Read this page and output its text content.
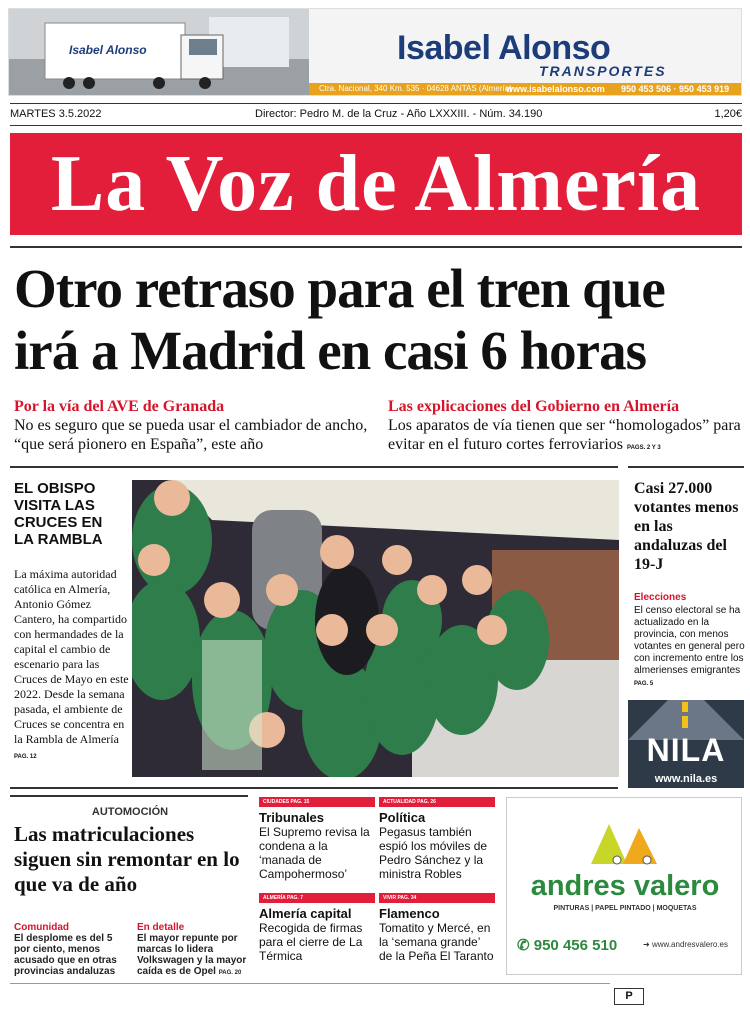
Isabel Alonso	Isabel Alonso
TRANSPORTES
Ctra. Nacional, 340 Km. 535 · 04628 ANTAS (Almería)
www.isabelalonso.com 950 453 506 · 950 453 919
MARTES 3.5.2022	Director: Pedro M. de la Cruz - Año LXXXIII. - Núm. 34.190	1,20€
La Voz de Almería
Otro retraso para el tren que
irá a Madrid en casi 6 horas
Por la vía del AVE de Granada
No es seguro que se pueda usar el cambiador de ancho, “que será pionero en España”, este año
Las explicaciones del Gobierno en Almería
Los aparatos de vía tienen que ser “homologados” para evitar en el futuro cortes ferroviarios PAGS. 2 Y 3
EL OBISPO VISITA LAS CRUCES EN LA RAMBLA
La máxima autoridad católica en Almería, Antonio Gómez Cantero, ha compartido con hermandades de la capital el cambio de escenario para las Cruces de Mayo en este 2022. Desde la semana pasada, el ambiente de Cruces se concentra en la Rambla de Almería PAG. 12
Casi 27.000 votantes menos en las andaluzas del 19-J
Elecciones
El censo electoral se ha actualizado en la provincia, con menos votantes en general pero con incremento entre los almerienses emigrantes PAG. 5
NILA
www.nila.es
AUTOMOCIÓN
Las matriculaciones siguen sin remontar en lo que va de año
Comunidad
El desplome es del 5 por ciento, menos acusado que en otras provincias andaluzas
En detalle
El mayor repunte por marcas lo lidera Volkswagen y la mayor caída es de Opel PAG. 20
CIUDADES PAG. 15
Tribunales
El Supremo revisa la condena a la ‘manada de Campohermoso’
ACTUALIDAD PAG. 26
Política
Pegasus también espió los móviles de Pedro Sánchez y la ministra Robles
ALMERÍA PAG. 7
Almería capital
Recogida de firmas para el cierre de La Térmica
VIVIR PAG. 34
Flamenco
Tomatito y Mercé, en la ‘semana grande’ de la Peña El Taranto
andres valero
PINTURAS | PAPEL PINTADO | MOQUETAS
✆ 950 456 510	➜ www.andresvalero.es
P
